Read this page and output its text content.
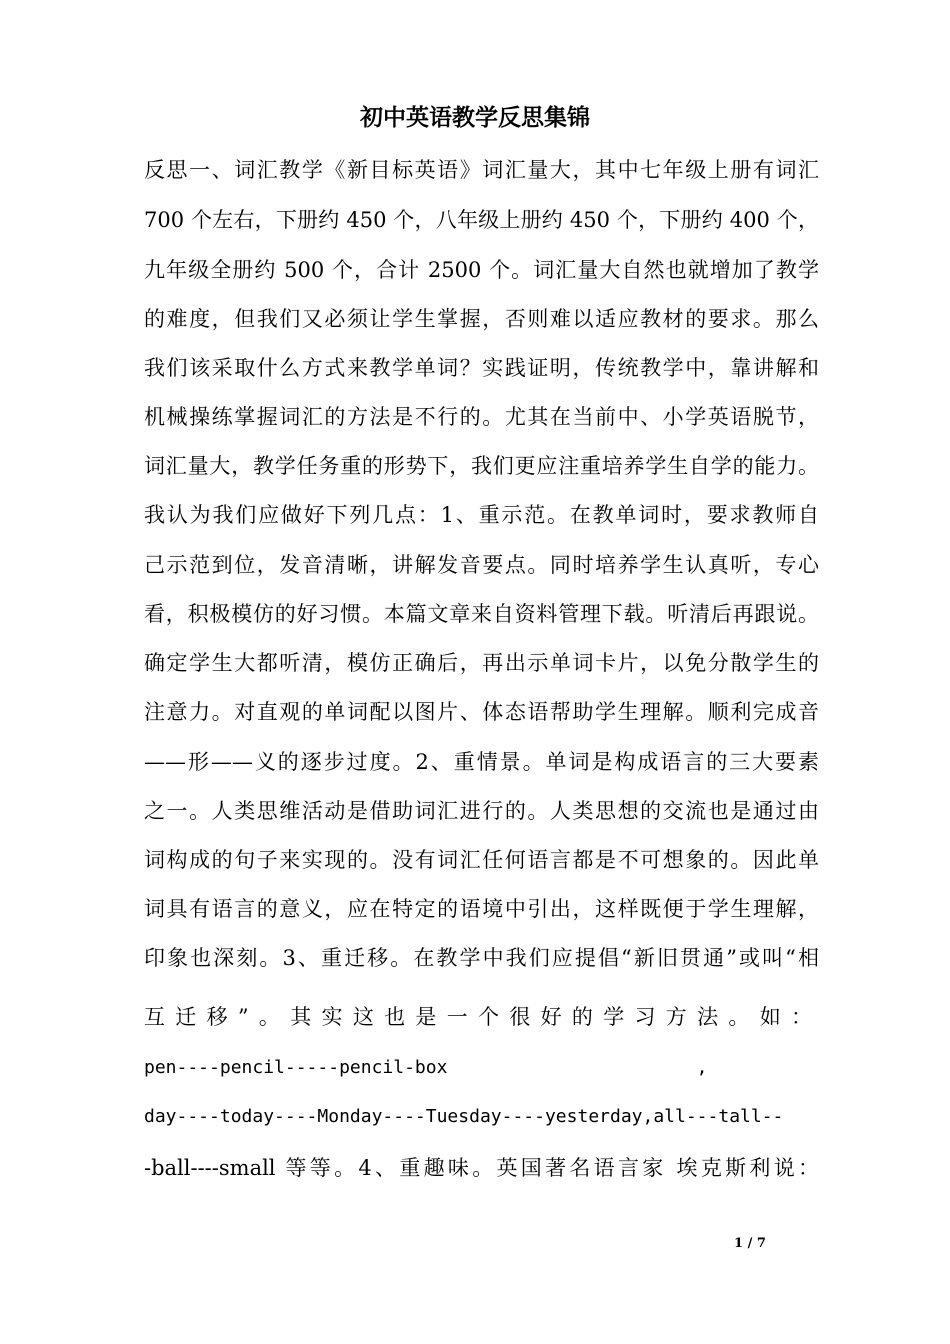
初中英语教学反思集锦
反思一、词汇教学《新目标英语》词汇量大，其中七年级上册有词汇
700 个左右，下册约 450 个，八年级上册约 450 个，下册约 400 个，
九年级全册约 500 个，合计 2500 个。词汇量大自然也就增加了教学
的难度，但我们又必须让学生掌握，否则难以适应教材的要求。那么
我们该采取什么方式来教学单词？实践证明，传统教学中，靠讲解和
机械操练掌握词汇的方法是不行的。尤其在当前中、小学英语脱节，
词汇量大，教学任务重的形势下，我们更应注重培养学生自学的能力。
我认为我们应做好下列几点：1、重示范。在教单词时，要求教师自
己示范到位，发音清晰，讲解发音要点。同时培养学生认真听，专心
看，积极模仿的好习惯。本篇文章来自资料管理下载。听清后再跟说。
确定学生大都听清，模仿正确后，再出示单词卡片，以免分散学生的
注意力。对直观的单词配以图片、体态语帮助学生理解。顺利完成音
——形——义的逐步过度。2、重情景。单词是构成语言的三大要素
之一。人类思维活动是借助词汇进行的。人类思想的交流也是通过由
词构成的句子来实现的。没有词汇任何语言都是不可想象的。因此单
词具有语言的意义，应在特定的语境中引出，这样既便于学生理解，
印象也深刻。3、重迁移。在教学中我们应提倡“新旧贯通”或叫“相
互迁移”。其实这也是一个很好的学习方法。如：
pen----pencil-----pencil-box                       ,
day----today----Monday----Tuesday----yesterday,all---tall--
-ball----small 等等。4、重趣味。英国著名语言家 埃克斯利说：
1 / 7
